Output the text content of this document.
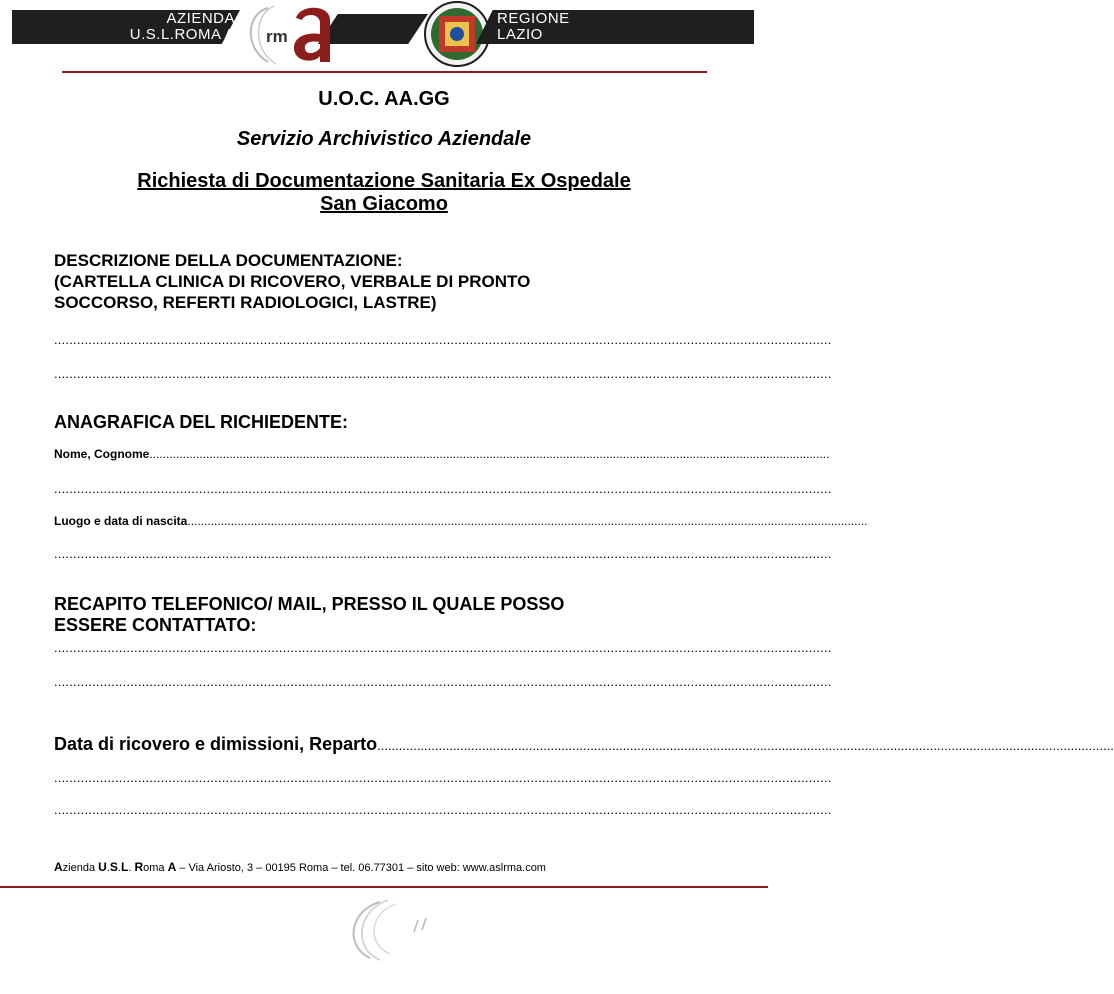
AZIENDA
U.S.L.ROMA A rm
REGIONE
LAZIO
U.O.C. AA.GG
Servizio Archivistico Aziendale
Richiesta di Documentazione Sanitaria Ex Ospedale
San Giacomo
DESCRIZIONE DELLA DOCUMENTAZIONE:
(CARTELLA CLINICA DI RICOVERO, VERBALE DI PRONTO
SOCCORSO, REFERTI RADIOLOGICI, LASTRE)
............................................................................................................................................................................................................
............................................................................................................................................................................................................
ANAGRAFICA DEL RICHIEDENTE:
Nome, Cognome............................................................................................................................................................................................................
............................................................................................................................................................................................................
Luogo e data di nascita............................................................................................................................................................................................................
............................................................................................................................................................................................................
RECAPITO TELEFONICO/ MAIL, PRESSO IL QUALE POSSO
ESSERE CONTATTATO:
............................................................................................................................................................................................................
............................................................................................................................................................................................................
Data di ricovero e dimissioni, Reparto............................................................................................................................................................................................................
............................................................................................................................................................................................................
............................................................................................................................................................................................................
Azienda U.S.L. Roma A – Via Ariosto, 3 – 00195 Roma – tel. 06.77301 – sito web: www.aslrma.com
